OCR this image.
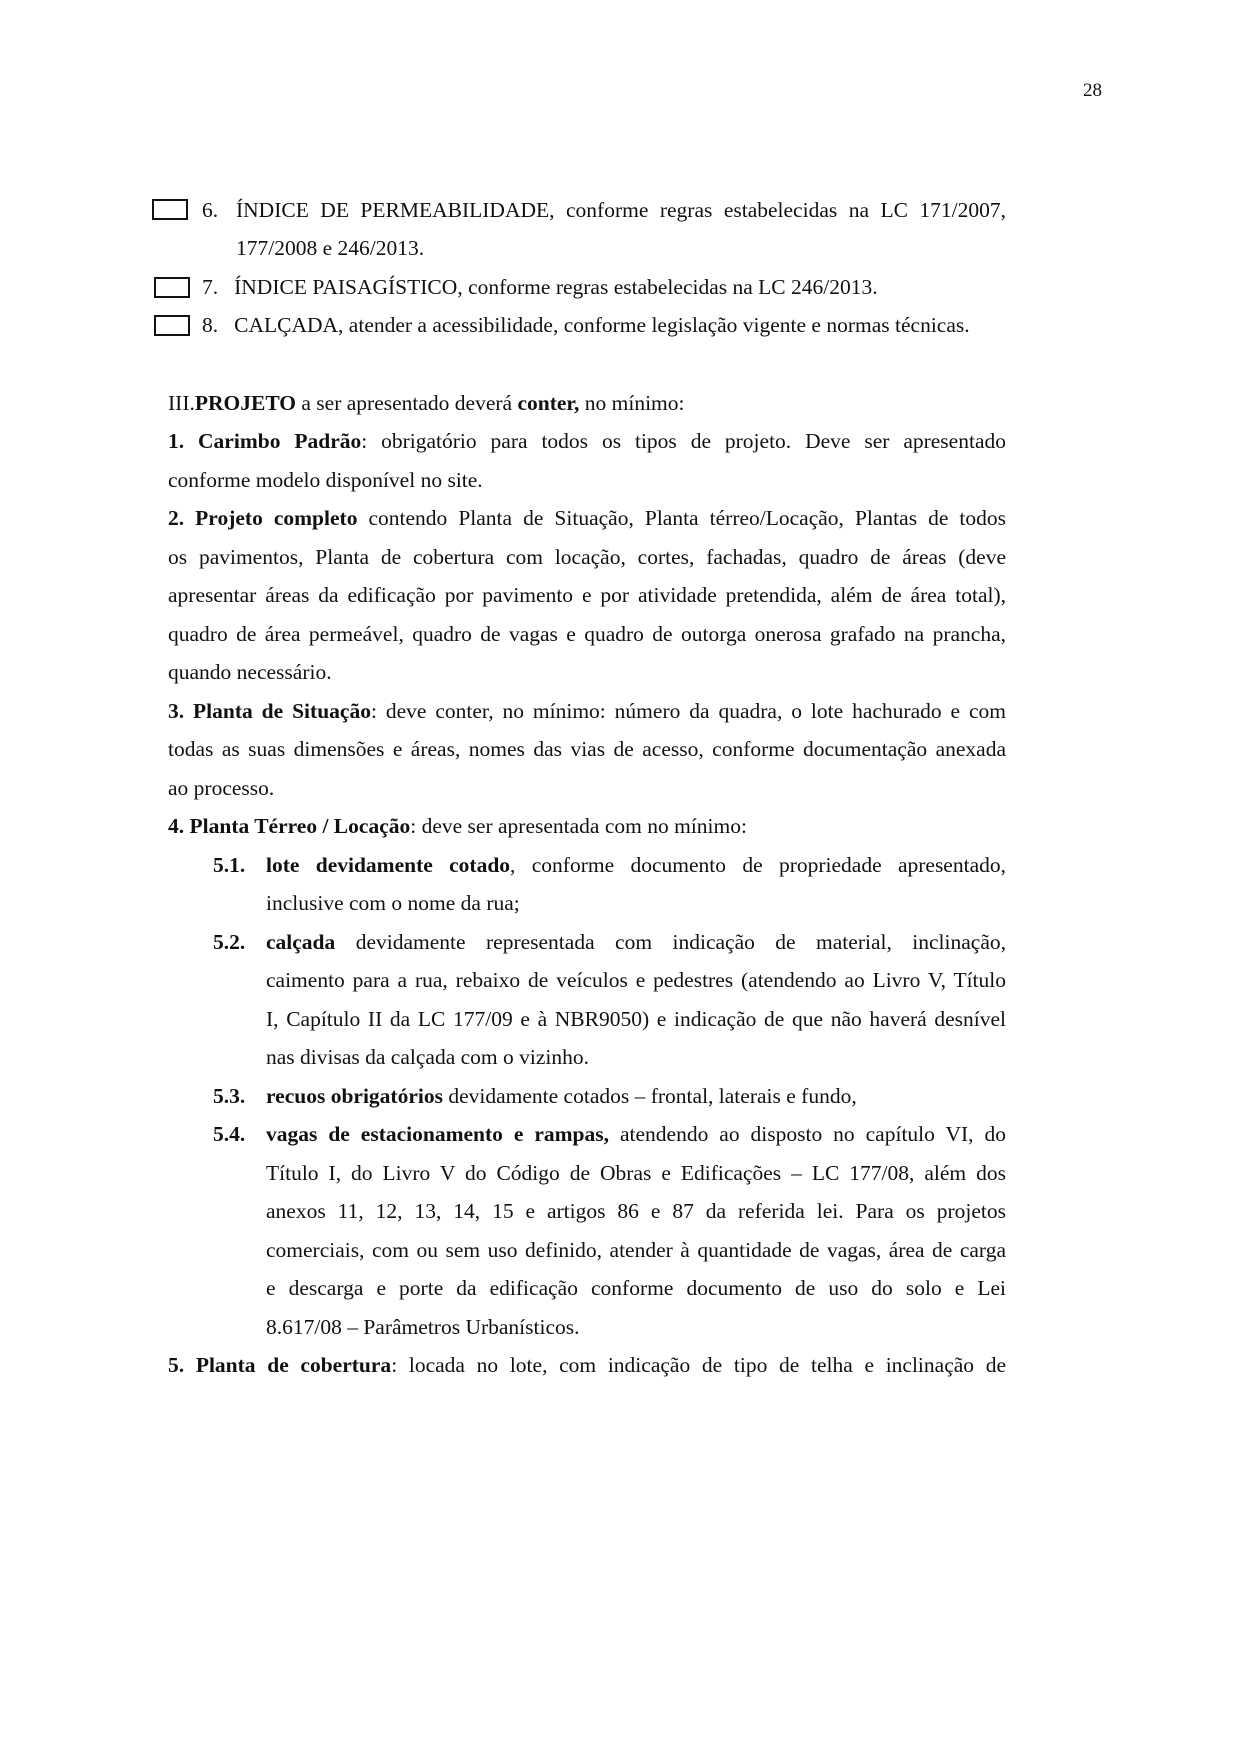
28
6. ÍNDICE DE PERMEABILIDADE, conforme regras estabelecidas na LC 171/2007,
177/2008 e 246/2013.
7. ÍNDICE PAISAGÍSTICO, conforme regras estabelecidas na LC 246/2013.
8. CALÇADA, atender a acessibilidade, conforme legislação vigente e normas técnicas.
III.PROJETO a ser apresentado deverá conter, no mínimo:
1. Carimbo Padrão: obrigatório para todos os tipos de projeto. Deve ser apresentado
conforme modelo disponível no site.
2. Projeto completo contendo Planta de Situação, Planta térreo/Locação, Plantas de todos
os pavimentos, Planta de cobertura com locação, cortes, fachadas, quadro de áreas (deve
apresentar áreas da edificação por pavimento e por atividade pretendida, além de área total),
quadro de área permeável, quadro de vagas e quadro de outorga onerosa grafado na prancha,
quando necessário.
3. Planta de Situação: deve conter, no mínimo: número da quadra, o lote hachurado e com
todas as suas dimensões e áreas, nomes das vias de acesso, conforme documentação anexada
ao processo.
4. Planta Térreo / Locação: deve ser apresentada com no mínimo:
5.1. lote devidamente cotado, conforme documento de propriedade apresentado,
inclusive com o nome da rua;
5.2. calçada devidamente representada com indicação de material, inclinação,
caimento para a rua, rebaixo de veículos e pedestres (atendendo ao Livro V, Título
I, Capítulo II da LC 177/09 e à NBR9050) e indicação de que não haverá desnível
nas divisas da calçada com o vizinho.
5.3. recuos obrigatórios devidamente cotados – frontal, laterais e fundo,
5.4. vagas de estacionamento e rampas, atendendo ao disposto no capítulo VI, do
Título I, do Livro V do Código de Obras e Edificações – LC 177/08, além dos
anexos 11, 12, 13, 14, 15 e artigos 86 e 87 da referida lei. Para os projetos
comerciais, com ou sem uso definido, atender à quantidade de vagas, área de carga
e descarga e porte da edificação conforme documento de uso do solo e Lei
8.617/08 – Parâmetros Urbanísticos.
5. Planta de cobertura: locada no lote, com indicação de tipo de telha e inclinação de
